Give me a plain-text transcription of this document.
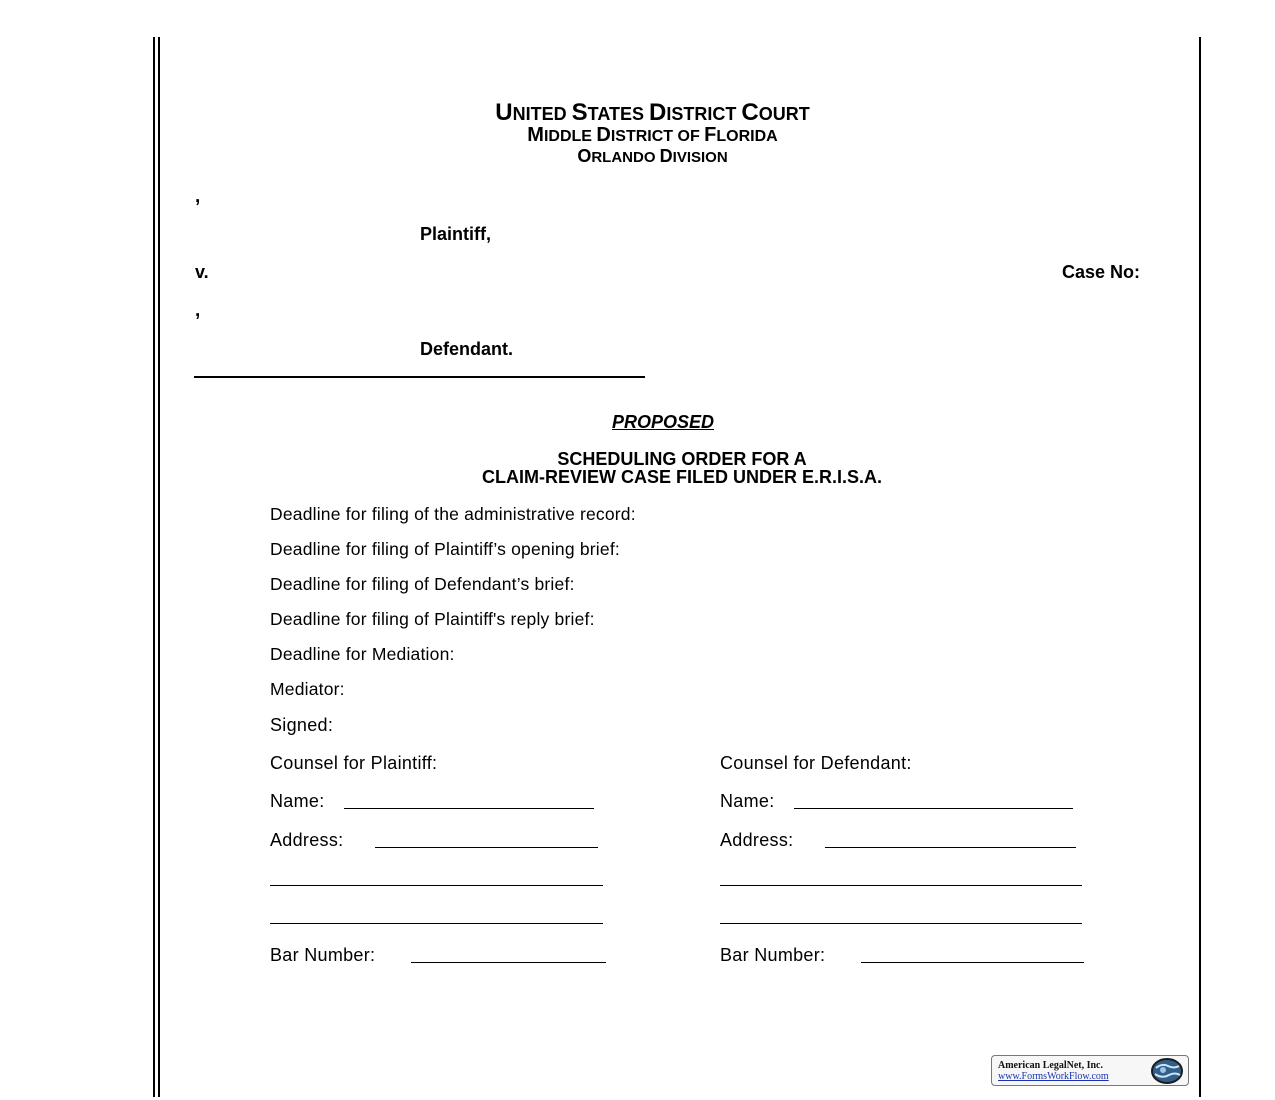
UNITED STATES DISTRICT COURT
MIDDLE DISTRICT OF FLORIDA
ORLANDO DIVISION
,
Plaintiff,
v.	Case No:
,
Defendant.
PROPOSED
SCHEDULING ORDER FOR A
CLAIM-REVIEW CASE FILED UNDER E.R.I.S.A.
Deadline for filing of the administrative record:
Deadline for filing of Plaintiff’s opening brief:
Deadline for filing of Defendant’s brief:
Deadline for filing of Plaintiff's reply brief:
Deadline for Mediation:
Mediator:
Signed:
Counsel for Plaintiff:
Name:
Address:
Bar Number:
Counsel for Defendant:
Name:
Address:
Bar Number:
American LegalNet, Inc.
www.FormsWorkFlow.com
